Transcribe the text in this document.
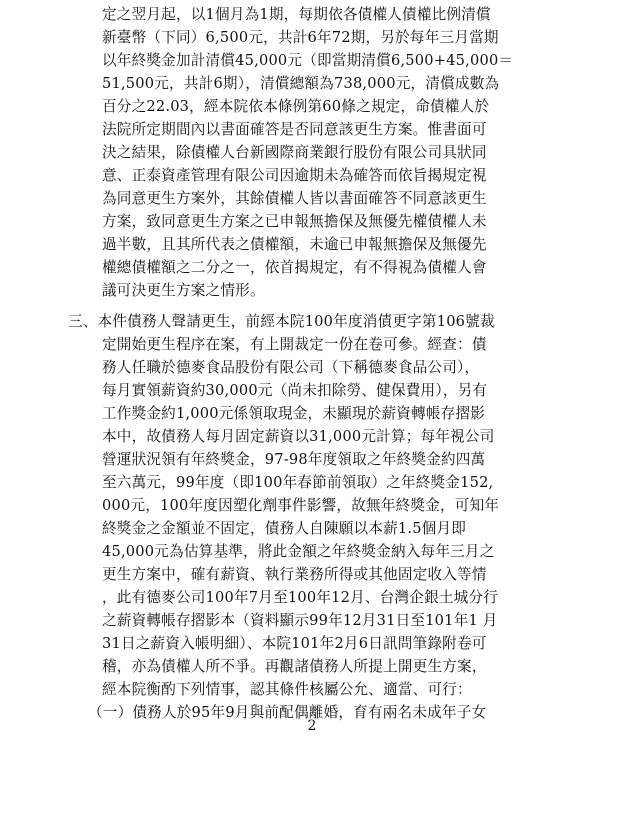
定之翌月起，以1個月為1期，每期依各債權人債權比例清償
新臺幣（下同）6,500元，共計6年72期，另於每年三月當期
以年終獎金加計清償45,000元（即當期清償6,500+45,000＝
51,500元，共計6期），清償總額為738,000元，清償成數為
百分之22.03，經本院依本條例第60條之規定，命債權人於
法院所定期間內以書面確答是否同意該更生方案。惟書面可
決之結果，除債權人台新國際商業銀行股份有限公司具狀同
意、正泰資產管理有限公司因逾期未為確答而依旨揭規定視
為同意更生方案外，其餘債權人皆以書面確答不同意該更生
方案，致同意更生方案之已申報無擔保及無優先權債權人未
過半數，且其所代表之債權額，未逾已申報無擔保及無優先
權總債權額之二分之一，依首揭規定，有不得視為債權人會
議可決更生方案之情形。
三、本件債務人聲請更生，前經本院100年度消債更字第106號裁
定開始更生程序在案，有上開裁定一份在卷可參。經查：債
務人任職於德麥食品股份有限公司（下稱德麥食品公司），
每月實領薪資約30,000元（尚未扣除勞、健保費用），另有
工作獎金約1,000元係領取現金，未顯現於薪資轉帳存摺影
本中，故債務人每月固定薪資以31,000元計算；每年視公司
營運狀況領有年終獎金，97-98年度領取之年終獎金約四萬
至六萬元，99年度（即100年春節前領取）之年終獎金152,
000元，100年度因塑化劑事件影響，故無年終獎金，可知年
終獎金之金額並不固定，債務人自陳願以本薪1.5個月即
45,000元為估算基準，將此金額之年終獎金納入每年三月之
更生方案中，確有薪資、執行業務所得或其他固定收入等情
，此有德麥公司100年7月至100年12月、台灣企銀土城分行
之薪資轉帳存摺影本（資料顯示99年12月31日至101年1 月
31日之薪資入帳明細）、本院101年2月6日訊問筆錄附卷可
稽，亦為債權人所不爭。再觀諸債務人所提上開更生方案，
經本院衡酌下列情事，認其條件核屬公允、適當、可行：
（一）債務人於95年9月與前配偶離婚，育有兩名未成年子女
2
